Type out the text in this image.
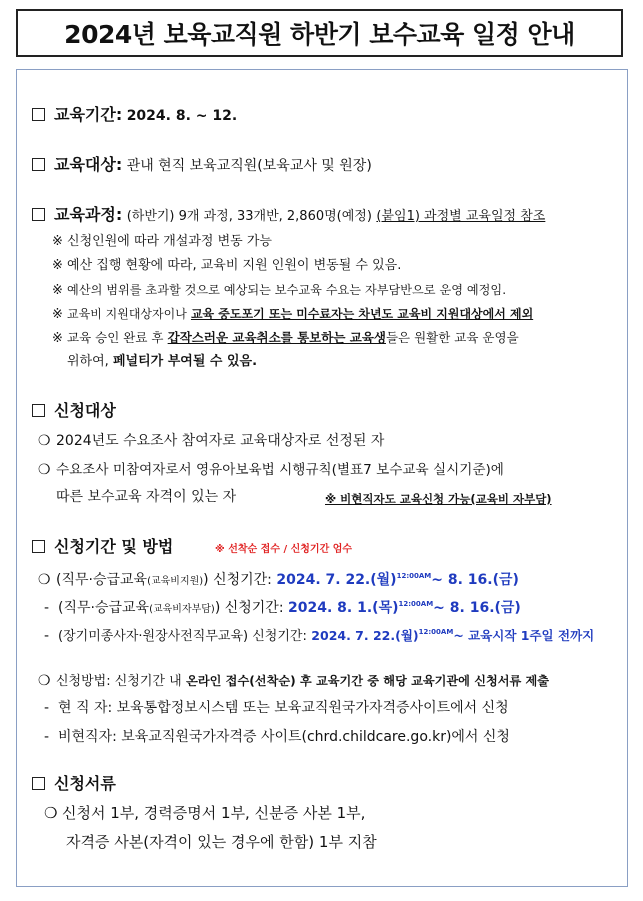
2024년 보육교직원 하반기 보수교육 일정 안내
교육기간: 2024. 8. ~ 12.
교육대상: 관내 현직 보육교직원(보육교사 및 원장)
교육과정: (하반기) 9개 과정, 33개반, 2,860명(예정) (붙임1) 과정별 교육일정 참조
※ 신청인원에 따라 개설과정 변동 가능
※ 예산 집행 현황에 따라, 교육비 지원 인원이 변동될 수 있음.
※ 예산의 범위를 초과할 것으로 예상되는 보수교육 수요는 자부담반으로 운영 예정임.
※ 교육비 지원대상자이나 교육 중도포기 또는 미수료자는 차년도 교육비 지원대상에서 제외
※ 교육 승인 완료 후 갑작스러운 교육취소를 통보하는 교육생들은 원활한 교육 운영을
위하여, 페널티가 부여될 수 있음.
신청대상
❍ 2024년도 수요조사 참여자로 교육대상자로 선정된 자
❍ 수요조사 미참여자로서 영유아보육법 시행규칙(별표7 보수교육 실시기준)에
따른 보수교육 자격이 있는 자	※ 비현직자도 교육신청 가능(교육비 자부담)
신청기간 및 방법	※ 선착순 접수 / 신청기간 엄수
❍ (직무·승급교육(교육비지원)) 신청기간: 2024. 7. 22.(월)$^{12:00AM}$~ 8. 16.(금)
- (직무·승급교육(교육비자부담)) 신청기간: 2024. 8. 1.(목)$^{12:00AM}$~ 8. 16.(금)
- (장기미종사자·원장사전직무교육) 신청기간: 2024. 7. 22.(월)$^{12:00AM}$~ 교육시작 1주일 전까지
❍ 신청방법: 신청기간 내 온라인 접수(선착순) 후 교육기간 중 해당 교육기관에 신청서류 제출
- 현 직 자: 보육통합정보시스템 또는 보육교직원국가자격증사이트에서 신청
- 비현직자: 보육교직원국가자격증 사이트(chrd.childcare.go.kr)에서 신청
신청서류
❍ 신청서 1부, 경력증명서 1부, 신분증 사본 1부,
자격증 사본(자격이 있는 경우에 한함) 1부 지참
